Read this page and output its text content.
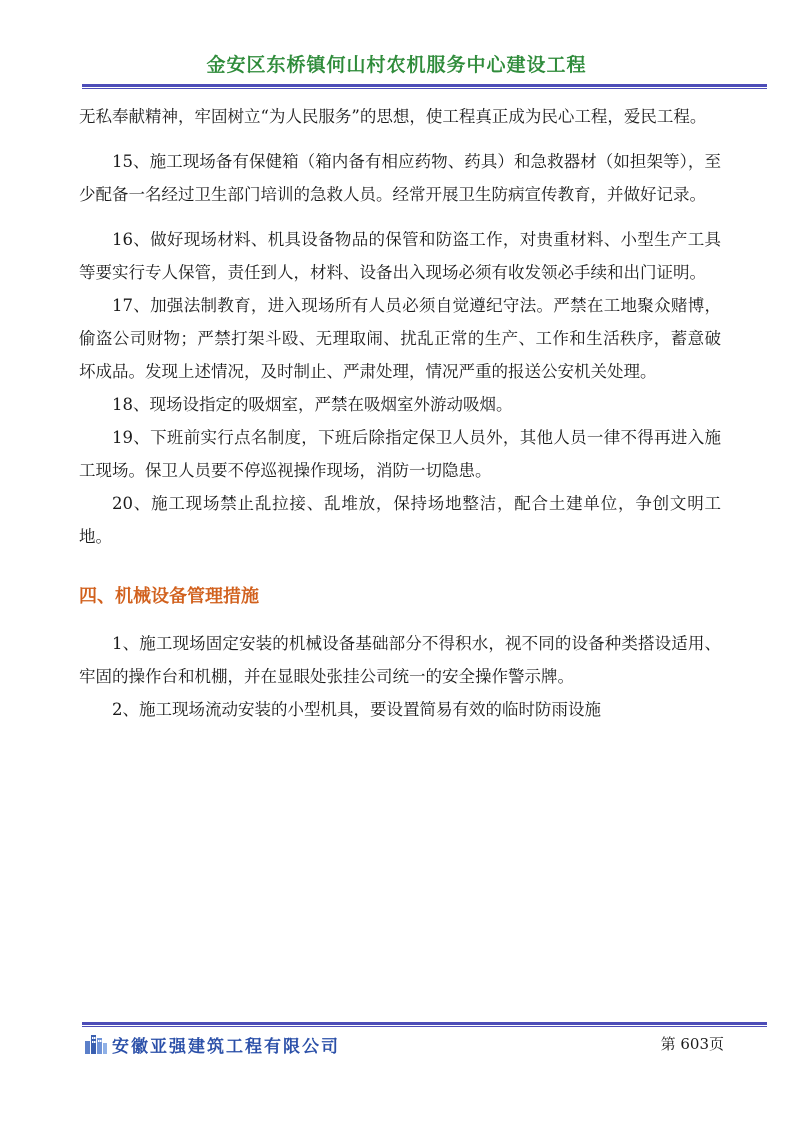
金安区东桥镇何山村农机服务中心建设工程

无私奉献精神，牢固树立“为人民服务”的思想，使工程真正成为民心工程，爱民工程。

15、施工现场备有保健箱（箱内备有相应药物、药具）和急救器材（如担架等），至少配备一名经过卫生部门培训的急救人员。经常开展卫生防病宣传教育，并做好记录。

16、做好现场材料、机具设备物品的保管和防盗工作，对贵重材料、小型生产工具等要实行专人保管，责任到人，材料、设备出入现场必须有收发领必手续和出门证明。

17、加强法制教育，进入现场所有人员必须自觉遵纪守法。严禁在工地聚众赌博，偷盗公司财物；严禁打架斗殴、无理取闹、扰乱正常的生产、工作和生活秩序，蓄意破坏成品。发现上述情况，及时制止、严肃处理，情况严重的报送公安机关处理。

18、现场设指定的吸烟室，严禁在吸烟室外游动吸烟。

19、下班前实行点名制度，下班后除指定保卫人员外，其他人员一律不得再进入施工现场。保卫人员要不停巡视操作现场，消防一切隐患。

20、施工现场禁止乱拉接、乱堆放，保持场地整洁，配合土建单位，争创文明工地。

四、机械设备管理措施

1、施工现场固定安装的机械设备基础部分不得积水，视不同的设备种类搭设适用、牢固的操作台和机棚，并在显眼处张挂公司统一的安全操作警示牌。

2、施工现场流动安装的小型机具，要设置简易有效的临时防雨设施

安徽亚强建筑工程有限公司	第 603页
